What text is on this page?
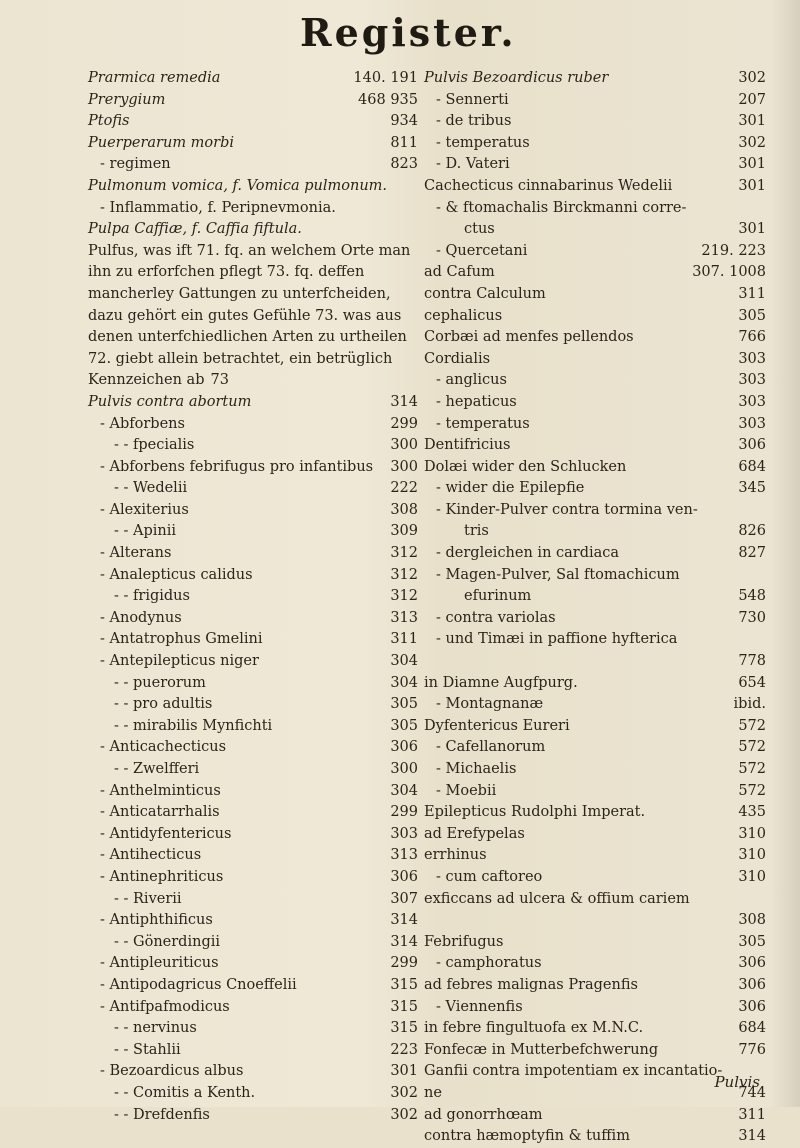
Register.
Prarmica remedia	140. 191
Prerygium	468 935
Ptofis	934
Puerperarum morbi	811
- regimen	823
Pulmonum vomica, f. Vomica pulmonum.
- Inflammatio, f. Peripnevmonia.
Pulpa Caffiæ, f. Caffia fiftula.
Pulfus, was ift 71. fq. an welchem Orte man ihn zu erforfchen pflegt 73. fq. deffen mancherley Gattungen zu unterfcheiden, dazu gehört ein gutes Gefühle 73. was aus denen unterfchiedlichen Arten zu urtheilen 72. giebt allein betrachtet, ein betrüglich Kennzeichen ab 73
Pulvis contra abortum	314
- Abforbens	299
- - fpecialis	300
- Abforbens febrifugus pro infantibus 300
- - Wedelii	222
- Alexiterius	308
- - Apinii	309
- Alterans	312
- Analepticus calidus	312
- - frigidus	312
- Anodynus	313
- Antatrophus Gmelini	311
- Antepilepticus niger	304
- - puerorum	304
- - pro adultis	305
- - mirabilis Mynfichti	305
- Anticachecticus	306
- - Zwelfferi	300
- Anthelminticus	304
- Anticatarrhalis	299
- Antidyfentericus	303
- Antihecticus	313
- Antinephriticus	306
- - Riverii	307
- Antiphthificus	314
- - Gönerdingii	314
- Antipleuriticus	299
- Antipodagricus Cnoeffelii	315
- Antifpafmodicus	315
- - nervinus	315
- - Stahlii	223
- Bezoardicus albus	301
- - Comitis a Kenth.	302
- - Drefdenfis	302
Pulvis Bezoardicus ruber	302
- Sennerti	207
- de tribus	301
- temperatus	302
- D. Vateri	301
Cachecticus cinnabarinus Wedelii	301
- & ftomachalis Birckmanni corre-
ctus	301
- Quercetani	219. 223
ad Cafum	307. 1008
contra Calculum	311
cephalicus	305
Corbæi ad menfes pellendos	766
Cordialis	303
- anglicus	303
- hepaticus	303
- temperatus	303
Dentifricius	306
Dolæi wider den Schlucken	684
- wider die Epilepfie	345
- Kinder-Pulver contra tormina ven-
tris	826
- dergleichen in cardiaca	827
- Magen-Pulver, Sal ftomachicum
efurinum	548
- contra variolas	730
- und Timæi in paffione hyfterica
778
in Diamne Augfpurg.	654
- Montagnanæ	ibid.
Dyfentericus Eureri	572
- Cafellanorum	572
- Michaelis	572
- Moebii	572
Epilepticus Rudolphi Imperat.	435
ad Erefypelas	310
errhinus	310
- cum caftoreo	310
exficcans ad ulcera & offium cariem
308
Febrifugus	305
- camphoratus	306
ad febres malignas Pragenfis	306
- Viennenfis	306
in febre fingultuofa ex M.N.C.	684
Fonfecæ in Mutterbefchwerung	776
Ganfii contra impotentiam ex incantatio-
ne	744
ad gonorrhœam	311
contra hæmoptyfin & tuffim	314
Pulvis
